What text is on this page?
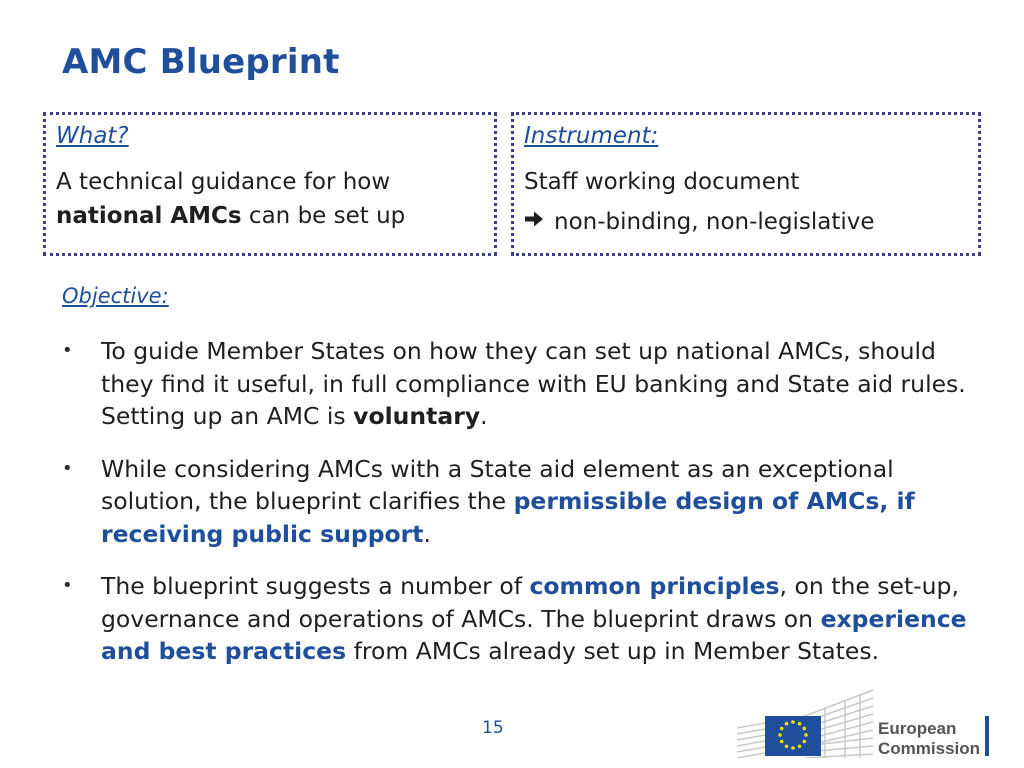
AMC Blueprint

What?

A technical guidance for how

national AMCs can be set up

Instrument:

Staff working document

non-binding, non-legislative
Objective:
•	To guide Member States on how they can set up national AMCs, should they find it useful, in full compliance with EU banking and State aid rules. Setting up an AMC is voluntary.
•	While considering AMCs with a State aid element as an exceptional solution, the blueprint clarifies the permissible design of AMCs, if receiving public support.
•	The blueprint suggests a number of common principles, on the set-up, governance and operations of AMCs. The blueprint draws on experience and best practices from AMCs already set up in Member States.
15	European
Commission
